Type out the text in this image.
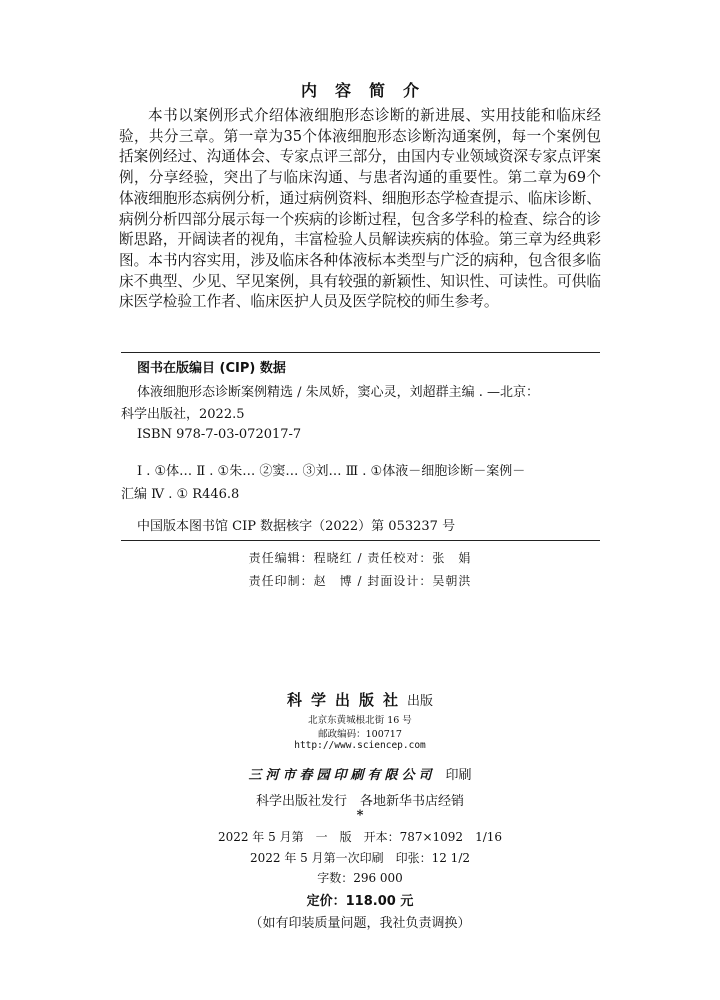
内容简介

本书以案例形式介绍体液细胞形态诊断的新进展、实用技能和临床经验，共分三章。第一章为35个体液细胞形态诊断沟通案例，每一个案例包括案例经过、沟通体会、专家点评三部分，由国内专业领域资深专家点评案例，分享经验，突出了与临床沟通、与患者沟通的重要性。第二章为69个体液细胞形态病例分析，通过病例资料、细胞形态学检查提示、临床诊断、病例分析四部分展示每一个疾病的诊断过程，包含多学科的检查、综合的诊断思路，开阔读者的视角，丰富检验人员解读疾病的体验。第三章为经典彩图。本书内容实用，涉及临床各种体液标本类型与广泛的病种，包含很多临床不典型、少见、罕见案例，具有较强的新颖性、知识性、可读性。可供临床医学检验工作者、临床医护人员及医学院校的师生参考。

图书在版编目 (CIP) 数据
体液细胞形态诊断案例精选 / 朱凤娇，窦心灵，刘超群主编 . —北京：
科学出版社，2022.5
ISBN 978-7-03-072017-7
Ⅰ . ①体… Ⅱ . ①朱… ②窦… ③刘… Ⅲ . ①体液－细胞诊断－案例－
汇编 Ⅳ . ① R446.8
中国版本图书馆 CIP 数据核字（2022）第 053237 号
责任编辑：程晓红 / 责任校对：张　娟
责任印制：赵　博 / 封面设计：吴朝洪
科学出版社出版
北京东黄城根北街 16 号
邮政编码：100717
http://www.sciencep.com
三河市春园印刷有限公司 印刷
科学出版社发行　各地新华书店经销
*
2022 年 5 月第　一　版　开本：787×1092　1/16
2022 年 5 月第一次印刷　印张：12 1/2
字数：296 000
定价：118.00 元
（如有印装质量问题，我社负责调换）
